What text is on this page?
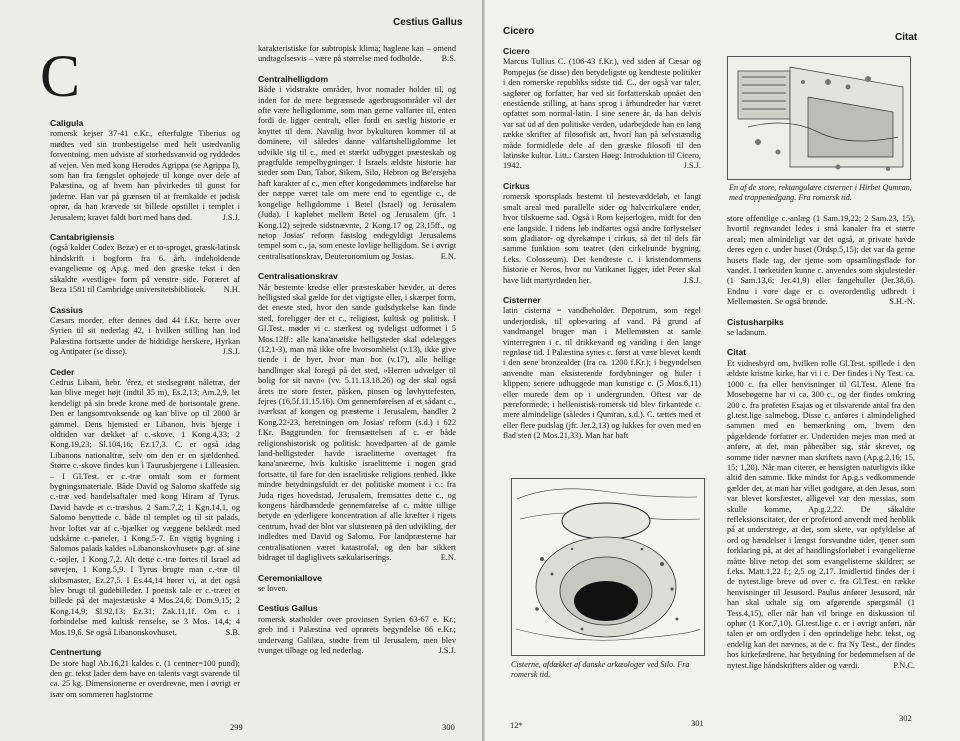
Cestius Gallus
C
Caligula

romersk kejser 37-41 e.Kr., efterfulgte Tiberius og mødtes ved sin tronbestigelse med helt usædvanlig forventning, men udviste af storhedsvanvid og ryddedes af vejen. Ven med kong Herodes Agrippa (se Agrippa I), som han fra fængslet ophøjede til konge over dele af Palæstina, og af hvem han påvirkedes til gunst for jøderne. Han var på grænsen til at fremkalde et jødisk oprør, da han krævede sit billede opstillet i templet i Jerusalem; kravet faldt bort med hans død.	J.S.J.

Cantabrigiensis

(også kaldet Codex Bezæ) er et to-sproget, græsk-latinsk håndskrift i bogform fra 6. årh. indeholdende evangelierne og Ap.g. med den græske tekst i den såkaldte »vestlige« form på venstre side. Foræret af Beza 1581 til Cambridge universitetsbibliotek. N.H.

Cassius

Cæsars morder, efter dennes død 44 f.Kr. herre over Syrien til sit nederlag 42, i hvilken stilling han lod Palæstina fortsætte under de hidtidige herskere, Hyrkan og Antipater (se disse).	J.S.J.

Ceder

Cedrus Libani, hebr. 'érez, et stedsegrønt nåletræ, der kan blive meget højt (indtil 35 m), Es.2,13; Am.2,9, let kendeligt på sin brede krone med de horisontale grene. Den er langsomtvoksende og kan blive op til 2000 år gammel. Dens hjemsted er Libanon, hvis bjerge i oldtiden var dækket af c.-skove. 1 Kong.4,33; 2 Kong.19,23; Sl.104,16; Ez.17,3. C. er også idag Libanons nationaltræ, selv om den er en sjældenhed. Større c.-skove findes kun i Taurusbjergene i Lilleasien. – I Gl.Test. er c.-træ omtalt som et forment bygningsmateriale. Både David og Salomo skaffede sig c.-træ ved handelsaftaler med kong Hiram af Tyrus. David havde et c.-træshus. 2 Sam.7,2; 1 Kgn.14,1, og Salomo benyttede c. både til templet og til sit palads, hvor loftet var af c.-bjælker og væggene beklædt med udskårne c.-paneler, 1 Kong.5-7. En vigtig bygning i Salomos palads kaldes »Libanonskovhuset« p.gr. af sine c.-søjler, 1 Kong.7,2. Alt dette c.-træ førtes til Israel ad søvejen, 1 Kong.5,9. I Tyrus brugte man c.-træ til skibsmaster, Ez.27,5. I Es.44,14 hører vi, at det også blev brugt til gudebilleder. I poetisk tale er c.-træet et billede på det majestætiske 4 Mos.24,6; Dom.9,15; 2 Kong.14,9; Sl.92,13; Ez.31; Zak.11,1f. Om c. i forbindelse med kultisk renselse, se 3 Mos. 14,4; 4 Mos.19,6. Se også Libanonskovhuset.	S.B.

Centnertung

De store hagl Ab.16,21 kaldes c. (1 centner=100 pund); den gr. tekst lader dem have en talents vægt svarende til ca. 25 kg. Dimensionerne er overdrevne, men i øvrigt er især om sommeren haglstorme

karakteristiske for subtropisk klima; haglene kan – omend undtagelsesvis – være på størrelse med fodbolde. B.S.

Centralhelligdom

Både i vidstrakte områder, hvor nomader holder til, og inden for de mere begrænsede agerbrugsområder vil der ofte være helligdomme, som man gerne valfarter til, enten fordi de ligger centralt, eller fordi en særlig historie er knyttet til dem. Navnlig hvor bykulturen kommer til at dominere, vil således danne valfartshelligdomme let udvikle sig til c., med et stærkt udbygget præsteskab og pragtfulde tempelbygninger. I Israels ældste historie har steder som Dan, Tabor, Sikem, Silo, Hebron og Be'ersjeba haft karakter af c., men efter kongedømmets indførelse har der næppe været tale om mere end to egentlige c., de kongelige helligdomme i Betel (Israel) og Jerusalem (Juda). I kapløbet mellem Betel og Jerusalem (jfr. 1 Kong.12) sejrede sidstnævnte, 2 Kong.17 og 23,15ff., og netop Josias' reform fastslog endegyldigt Jerusalems tempel som c., ja, som eneste lovlige helligdom. Se i øvrigt centralisationskrav, Deuteronomium og Josias.	E.N.

Centralisationskrav

Når bestemte kredse eller præsteskaber hævder, at deres helligsted skal gælde for det vigtigste eller, i skærpet form, det eneste sted, hvor den sande gudsdyrkelse kan finde sted, foreligger der et c., religiøst, kultisk og politisk. I Gl.Test. møder vi c. stærkest og tydeligst udformet i 5 Mos.12ff.: alle kana'anæiske helligsteder skal ødelægges (12,1-3), man må ikke ofre hvorsomhelst (v.13), ikke give tiende i de byer, hvor man bor (v.17), alle hellige handlinger skal foregå på det sted, »Herren udvælger til bolig for sit navn« (vv. 5.11.13.18.26) og der skal også årets tre store fester, påsken, pinsen og løvhyttefesten, fejres (16,5f.11.15.16). Om gennemførelsen af et sådant c., iværksat af kongen og præsterne i Jerusalem, handler 2 Kong.22-23, beretningen om Josias' reform (s.d.) i 622 f.Kr. Baggrunden for fremsættelsen af c. er både religionshistorisk og politisk: hovedparten af de gamle land-helligsteder havde israelitterne overtaget fra kana'anæerne, hvis kultiske israelitterne i nogen grad fortsatte, til fare for den israelitiske religions renhed. Ikke mindre betydningsfuldt er det politiske moment i c.: fra Juda riges hovedstad, Jerusalem, fremsattes dette c., og kongens hårdhændede gennemførelse af c. måtte tillige betyde en yderligere koncentration af alle kræfter i rigets centrum, hvad der blot var slutstenen på den udvikling, der indledtes med David og Salomo. For landpræsterne har centralisationen været katastrofal, og den har sikkert bidraget til dagliglivets sækulariserings.	E.N.

Ceremoniallove

se loven.

Cestius Gallus

romersk statholder over provinsen Syrien 63-67 e. Kr.; greb ind i Palæstina ved oprørets begyndelse 66 e.Kr.; undervang Galilæa, stødte frem til Jerusalem, men blev tvunget tilbage og led nederlag.	J.S.J.

299	300
Cicero
Citat
Cicero

Marcus Tullius C. (106-43 f.Kr.), ved siden af Cæsar og Pompejus (se disse) den betydeligste og kendteste politiker i den romerske republiks sidste tid. C., der også var taler, sagfører og forfatter, har ved sit forfatterskab opnået den enestående stilling, at hans sprog i århundreder har været opfattet som normal-latin. I sine senere år, da han delvis var sat ud af den politiske verden, udarbejdede han en lang række skrifter af filosofisk art, hvori han på selvstændig måde formidlede dele af den græske filosofi til den latinske kultur. Litt.: Carsten Høeg: Introduktion til Cicero, 1942.	J.S.J.

Cirkus

romersk sportsplads bestemt til hestevæddeløb, et langt smalt areal med parallelle sider og halvcirkulære ender, hvor tilskuerne sad. Også i Rom kejserlogen, midt for den ene langside. I tidens løb indførtes også andre forlystelser som gladiator- og dyrekampe i cirkus, så det til dels får samme funktion som teatret (den cirkelrunde bygning, f.eks. Colosseum). Det kendteste c. i kristendommens historie er Neros, hvor nu Vatikanet ligger, idet Peter skal have lidt martyrdøden her.	J.S.J.

Cisterner

latin cisterna = vandbeholder. Depotrum, som regel underjordisk, til opbevaring af vand. På grund af vandmangel bruger man i Mellemøsten at samle vinterregnen i c. til drikkevand og vanding i den lange regnløse tid. I Palæstina synes c. først at være blevet kendt i den sene bronzealder (fra ca. 1200 f.Kr.); i begyndelsen anvendte man eksisterende fordybninger og huler i klippen; senere udhuggede man kunstige c. (5 Mos.6,11) eller murede dem op i undergrunden. Oftest var de pæreformede; i hellenistisk-romersk tid blev firkantede c. mere almindelige (således i Qumran, s.d.). C. tættes med et eller flere pudslag (jfr. Jer.2,13) og lukkes for oven med en flad sten (2 Mos.21,33). Man har haft

Cisterne, afdækket af danske arkæologer ved Silo. Fra romersk tid.
En af de store, rektangulære cisterner i Hirbet Qumran, med trappenedgang. Fra romersk tid.

store offentlige c.-anlæg (1 Sam.19,22; 2 Sam.23, 15), hvortil regnvandet ledes i små kanaler fra et større areal; men almindeligt var det også, at private havde deres egen c. under huset (Ordsp.5,15); det var da gerne husets flade tag, der tjente som opsamlingsflade for vandet. I tørketiden kunne c. anvendes som skjulesteder (1 Sam.13,6; Jer.41,9) eller fangehuller (Jer.38,6). Endnu i vore dage er c. overordentlig udbredt i Mellemøsten. Se også brønde.	S.H.-N.

Cistusharpiks

se ladanum.

Citat

Et vidnesbyrd om, hvilken rolle Gl.Test. spillede i den ældste kristne kirke, har vi i c. Der findes i Ny Test. ca. 1000 c. fra eller henvisninger til Gl.Test. Alene fra Mosebøgerne har vi ca. 300 c., og der findes omkring 200 c. fra profeten Esajas og et tilsvarende antal fra den gl.test.lige salmebog. Disse c. anføres i almindelighed sammen med en bemærkning om, hvem den pågældende forfatter er. Undertiden mejes man med at anføre, at det, man påberåber sig, står skrevet, og somme tider nævner man skriftets navn (Ap.g.2,16; 15, 15; 1,20). Når man citerer, er hensigten naturligvis ikke altid den samme. Ikke mindst for Ap.g.s vedkommende gælder det, at man har villet godtgøre, at den Jesus, som var blevet korsfæstet, alligevel var den messias, som skulle komme, Ap.g.2,22. De såkaldte refleksionscitater, der er profetord anvendt med henblik på at understrege, at det, som skete, var opfyldelse af ord og hændelser i længst forsvundne tider, tjener som forklaring på, at det af handlingsforløbet i evangelierne måtte blive netop det som evangelisterne skildrer; se f.eks. Matt.1,22 f.; 2,5 og 2,17. Imidlertid findes der i de nytest.lige breve ud over c. fra Gl.Test. en række henvisninger til Jesusord. Paulus anfører Jesusord, når han skal udtale sig om afgørende spørgsmål (1 Tess.4,15), eller når han vil bringe en diskussion til ophør (1 Kor.7,10). Gl.test.lige c. er i øvrigt anført, når talen er om ordlyden i den oprindelige hebr. tekst, og endelig kan det nævnes, at de c. fra Ny Test., der findes hos kirkefædrene, har betydning for bedømmelsen af de nytest.lige håndskrifters alder og værdi.	P.N.C.

12*	301	302
